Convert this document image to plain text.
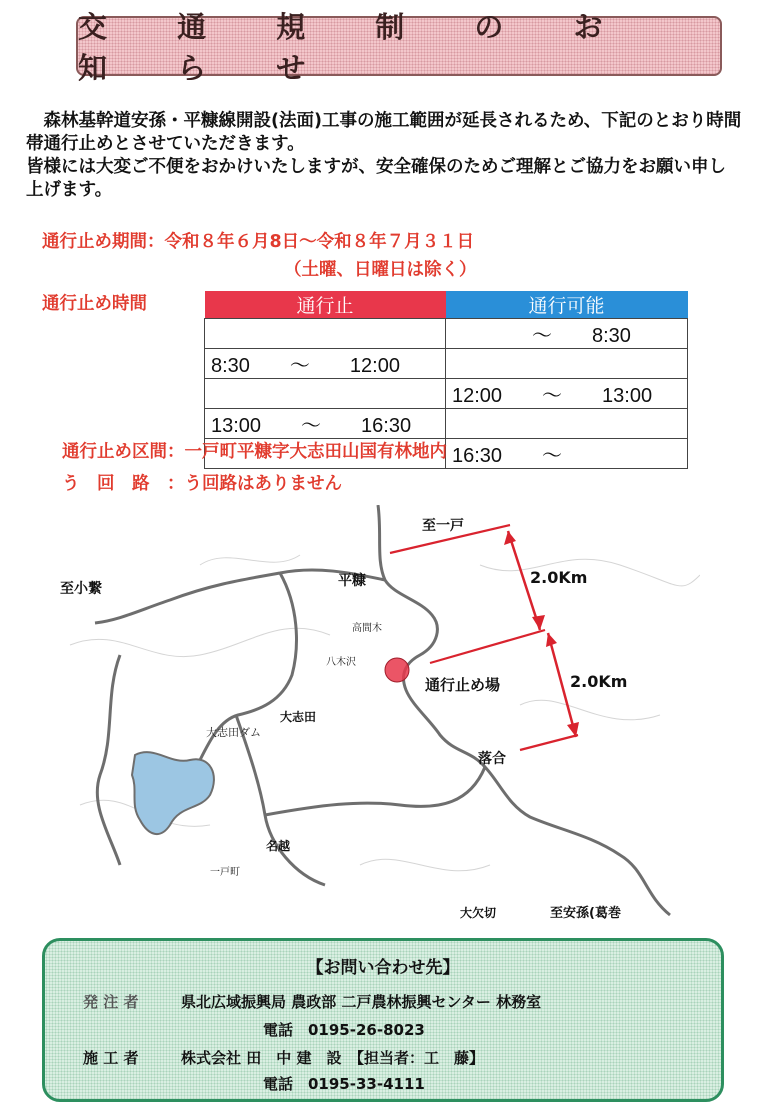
交 通 規 制 の お 知 ら せ

森林基幹道安孫・平糠線開設(法面)工事の施工範囲が延長されるため、下記のとおり時間帯通行止めとさせていただきます。

皆様には大変ご不便をおかけいたしますが、安全確保のためご理解とご協力をお願い申し上げます。

通行止め期間：令和８年６月8日～令和８年７月３１日
（土曜、日曜日は除く）
通行止め時間	通行止	通行可能
	　　　　～　　8:30
8:30　　～　　12:00	
	12:00　　～　　13:00
13:00　　～　　16:30	
	16:30　　～
通行止め区間：一戸町平糠字大志田山国有林地内
う　回　路　：う回路はありません
至一戸
至小繋	平糠
高間木
八木沢
大志田
大志田ダム
通行止め場
落合
名越
一戸町
大欠切	至安孫(葛巻
2.0Km
2.0Km
【お問い合わせ先】
発 注 者	県北広域振興局 農政部 二戸農林振興センター 林務室
電話　0195-26-8023
施 工 者	株式会社 田　中 建　設　【担当者：工　藤】
電話　0195-33-4111
